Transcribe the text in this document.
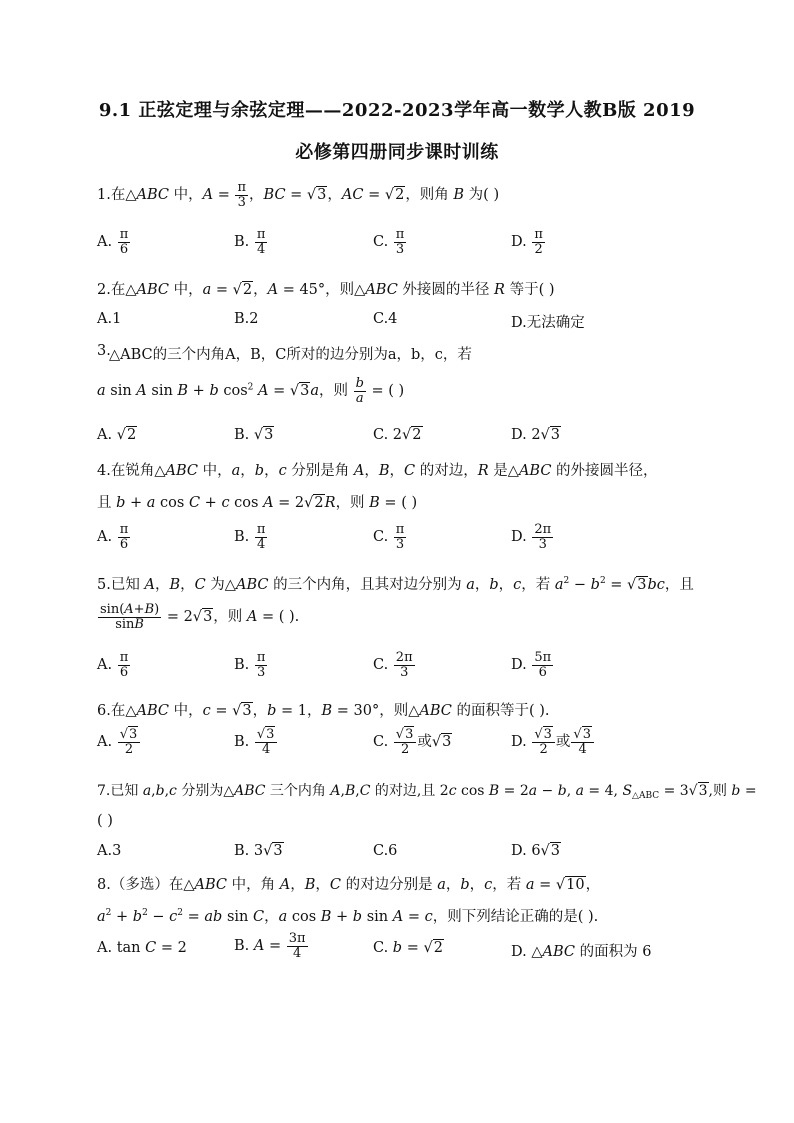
9.1 正弦定理与余弦定理——2022-2023学年高一数学人教B版 2019
必修第四册同步课时训练
1.在△ABC 中，$A = \frac{\pi}{3}$ ，BC = √3，AC = √2，则角 B 为( )
A. $\frac{\pi}{6}$	B. $\frac{\pi}{4}$	C. $\frac{\pi}{3}$	D. $\frac{\pi}{2}$
2.在△ABC 中，a = √2，A = 45°，则△ABC 外接圆的半径 R 等于( )
A.1	B.2	C.4	D.无法确定
3.
△ABC的三个内角A，B，C所对的边分别为a，b，c，若
a sin A sin B + b $\cos^2 A = √3a$，则 $\frac{b}{a}$ = ( )
A. √2	B. √3	C. 2√2	D. 2√3
4.在锐角△ABC 中，a，b，c 分别是角 A，B，C 的对边，R 是△ABC 的外接圆半径，
且 b + a cos C + c cos A = 2√2R，则 B = ( )
A. $\frac{\pi}{6}$	B. $\frac{\pi}{4}$	C. $\frac{\pi}{3}$	D. $\frac{2\pi}{3}$
5.已知 A，B，C 为△ABC 的三个内角，且其对边分别为 a，b，c，若 $a^2 - b^2 = √3bc$，且
$\frac{\sin(A+B)}{\sin B} = 2√3$，则 A = ( ).
A. $\frac{\pi}{6}$	B. $\frac{\pi}{3}$	C. $\frac{2\pi}{3}$	D. $\frac{5\pi}{6}$
6.在△ABC 中，c = √3，b = 1，B = 30°，则△ABC 的面积等于( ).
A. $\frac{√3}{2}$	B. $\frac{√3}{4}$	C. $\frac{√3}{2}$ 或√3	D. $\frac{√3}{2}$ 或 $\frac{√3}{4}$
7.已知 a,b,c 分别为△ABC 三个内角 A,B,C 的对边,且 2c cos B = 2a − b, a = 4, $S_{\triangle ABC} = 3√3$,则 b =
( )
A.3	B. 3√3	C.6	D. 6√3
8.（多选）在△ABC 中，角 A，B，C 的对边分别是 a，b，c，若 a = √10，
$a^2 + b^2 - c^2$ = ab sin C，a cos B + b sin A = c，则下列结论正确的是( ).
A. tan C = 2	B. $A = \frac{3\pi}{4}$	C. b = √2	D. △ABC 的面积为 6
